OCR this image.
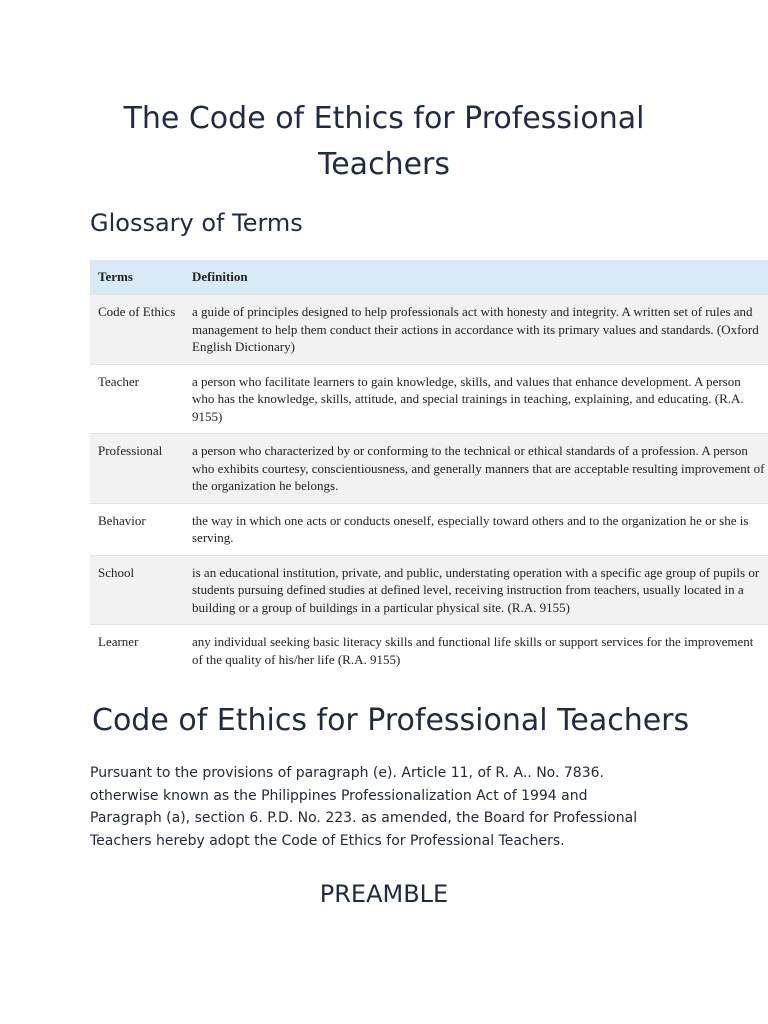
The Code of Ethics for Professional Teachers
Glossary of Terms
Terms	Definition
Code of Ethics	a guide of principles designed to help professionals act with honesty and integrity. A written set of rules and management to help them conduct their actions in accordance with its primary values and standards. (Oxford English Dictionary)
Teacher	a person who facilitate learners to gain knowledge, skills, and values that enhance development. A person who has the knowledge, skills, attitude, and special trainings in teaching, explaining, and educating. (R.A. 9155)
Professional	a person who characterized by or conforming to the technical or ethical standards of a profession. A person who exhibits courtesy, conscientiousness, and generally manners that are acceptable resulting improvement of the organization he belongs.
Behavior	the way in which one acts or conducts oneself, especially toward others and to the organization he or she is serving.
School	is an educational institution, private, and public, understating operation with a specific age group of pupils or students pursuing defined studies at defined level, receiving instruction from teachers, usually located in a building or a group of buildings in a particular physical site. (R.A. 9155)
Learner	any individual seeking basic literacy skills and functional life skills or support services for the improvement of the quality of his/her life (R.A. 9155)
Code of Ethics for Professional Teachers

Pursuant to the provisions of paragraph (e). Article 11, of R. A.. No. 7836. otherwise known as the Philippines Professionalization Act of 1994 and Paragraph (a), section 6. P.D. No. 223. as amended, the Board for Professional Teachers hereby adopt the Code of Ethics for Professional Teachers.

PREAMBLE
